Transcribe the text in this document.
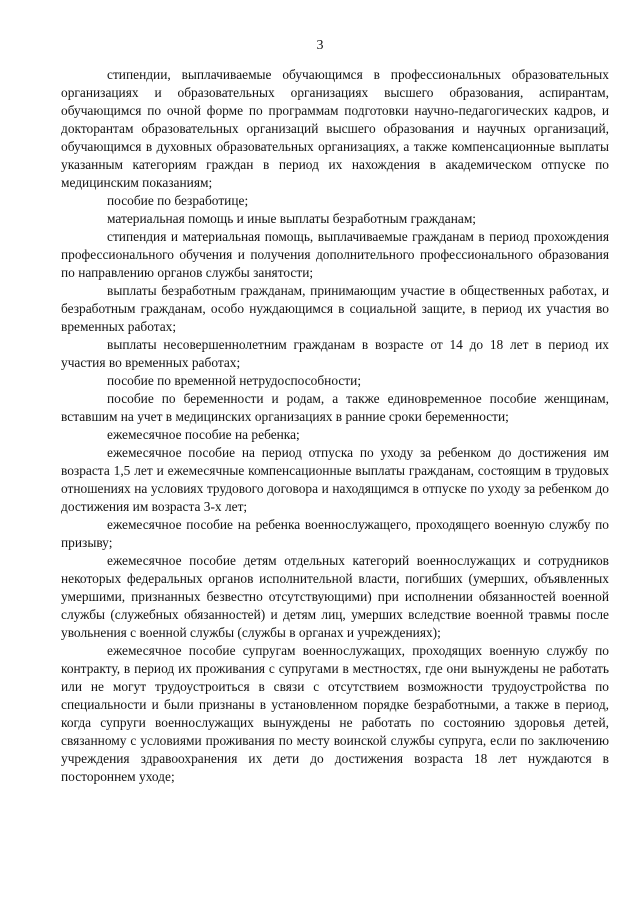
3

стипендии, выплачиваемые обучающимся в профессиональных образовательных организациях и образовательных организациях высшего образования, аспирантам, обучающимся по очной форме по программам подготовки научно-педагогических кадров, и докторантам образовательных организаций высшего образования и научных организаций, обучающимся в духовных образовательных организациях, а также компенсационные выплаты указанным категориям граждан в период их нахождения в академическом отпуске по медицинским показаниям;

пособие по безработице;

материальная помощь и иные выплаты безработным гражданам;

стипендия и материальная помощь, выплачиваемые гражданам в период прохождения профессионального обучения и получения дополнительного профессионального образования по направлению органов службы занятости;

выплаты безработным гражданам, принимающим участие в общественных работах, и безработным гражданам, особо нуждающимся в социальной защите, в период их участия во временных работах;

выплаты несовершеннолетним гражданам в возрасте от 14 до 18 лет в период их участия во временных работах;

пособие по временной нетрудоспособности;

пособие по беременности и родам, а также единовременное пособие женщинам, вставшим на учет в медицинских организациях в ранние сроки беременности;

ежемесячное пособие на ребенка;

ежемесячное пособие на период отпуска по уходу за ребенком до достижения им возраста 1,5 лет и ежемесячные компенсационные выплаты гражданам, состоящим в трудовых отношениях на условиях трудового договора и находящимся в отпуске по уходу за ребенком до достижения им возраста 3-х лет;

ежемесячное пособие на ребенка военнослужащего, проходящего военную службу по призыву;

ежемесячное пособие детям отдельных категорий военнослужащих и сотрудников некоторых федеральных органов исполнительной власти, погибших (умерших, объявленных умершими, признанных безвестно отсутствующими) при исполнении обязанностей военной службы (служебных обязанностей) и детям лиц, умерших вследствие военной травмы после увольнения с военной службы (службы в органах и учреждениях);

ежемесячное пособие супругам военнослужащих, проходящих военную службу по контракту, в период их проживания с супругами в местностях, где они вынуждены не работать или не могут трудоустроиться в связи с отсутствием возможности трудоустройства по специальности и были признаны в установленном порядке безработными, а также в период, когда супруги военнослужащих вынуждены не работать по состоянию здоровья детей, связанному с условиями проживания по месту воинской службы супруга, если по заключению учреждения здравоохранения их дети до достижения возраста 18 лет нуждаются в постороннем уходе;
